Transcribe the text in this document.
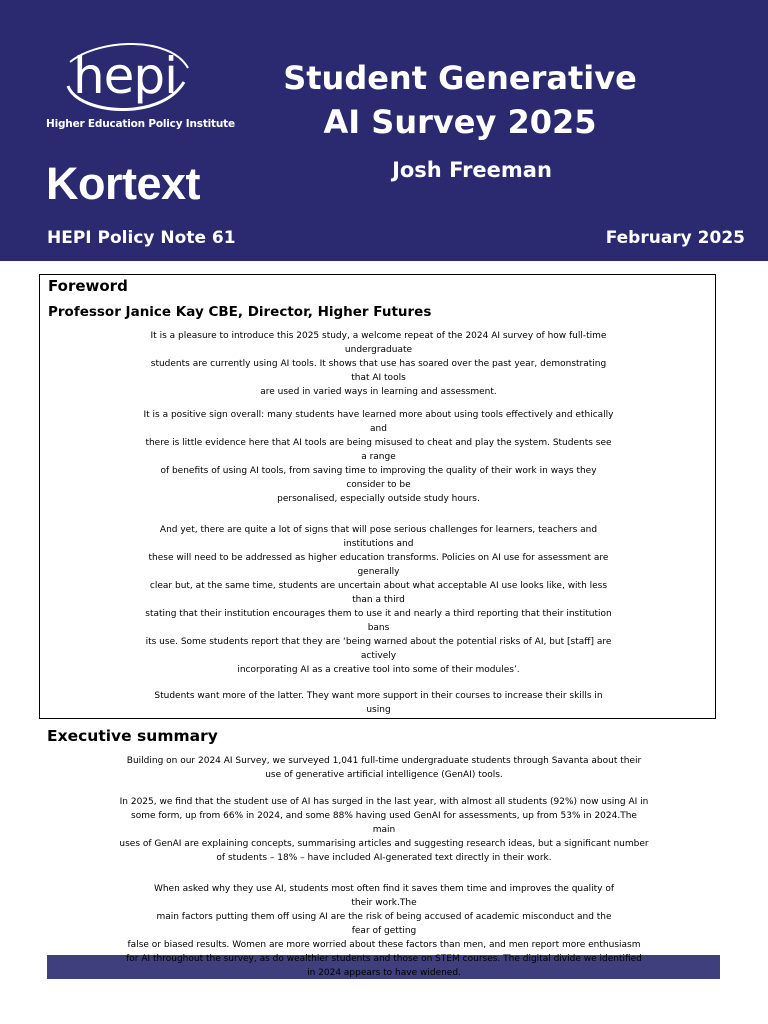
hepi
Higher Education Policy Institute
Kortext
Student Generative
AI Survey 2025
Josh Freeman
HEPI Policy Note 61	February 2025
Foreword
Professor Janice Kay CBE, Director, Higher Futures
It is a pleasure to introduce this 2025 study, a welcome repeat of the 2024 AI survey of how full-time
undergraduate
students are currently using AI tools. It shows that use has soared over the past year, demonstrating
that AI tools
are used in varied ways in learning and assessment.
It is a positive sign overall: many students have learned more about using tools effectively and ethically
and
there is little evidence here that AI tools are being misused to cheat and play the system. Students see
a range
of benefits of using AI tools, from saving time to improving the quality of their work in ways they
consider to be
personalised, especially outside study hours.
And yet, there are quite a lot of signs that will pose serious challenges for learners, teachers and
institutions and
these will need to be addressed as higher education transforms. Policies on AI use for assessment are
generally
clear but, at the same time, students are uncertain about what acceptable AI use looks like, with less
than a third
stating that their institution encourages them to use it and nearly a third reporting that their institution
bans
its use. Some students report that they are ‘being warned about the potential risks of AI, but [staff] are
actively
incorporating AI as a creative tool into some of their modules’.
Students want more of the latter. They want more support in their courses to increase their skills in
using
Executive summary
Building on our 2024 AI Survey, we surveyed 1,041 full-time undergraduate students through Savanta about their
use of generative artificial intelligence (GenAI) tools.
In 2025, we find that the student use of AI has surged in the last year, with almost all students (92%) now using AI in
some form, up from 66% in 2024, and some 88% having used GenAI for assessments, up from 53% in 2024.The
main
uses of GenAI are explaining concepts, summarising articles and suggesting research ideas, but a significant number
of students – 18% – have included AI-generated text directly in their work.
When asked why they use AI, students most often find it saves them time and improves the quality of
their work.The
main factors putting them off using AI are the risk of being accused of academic misconduct and the
fear of getting
false or biased results. Women are more worried about these factors than men, and men report more enthusiasm
for AI throughout the survey, as do wealthier students and those on STEM courses. The digital divide we identified
in 2024 appears to have widened.
